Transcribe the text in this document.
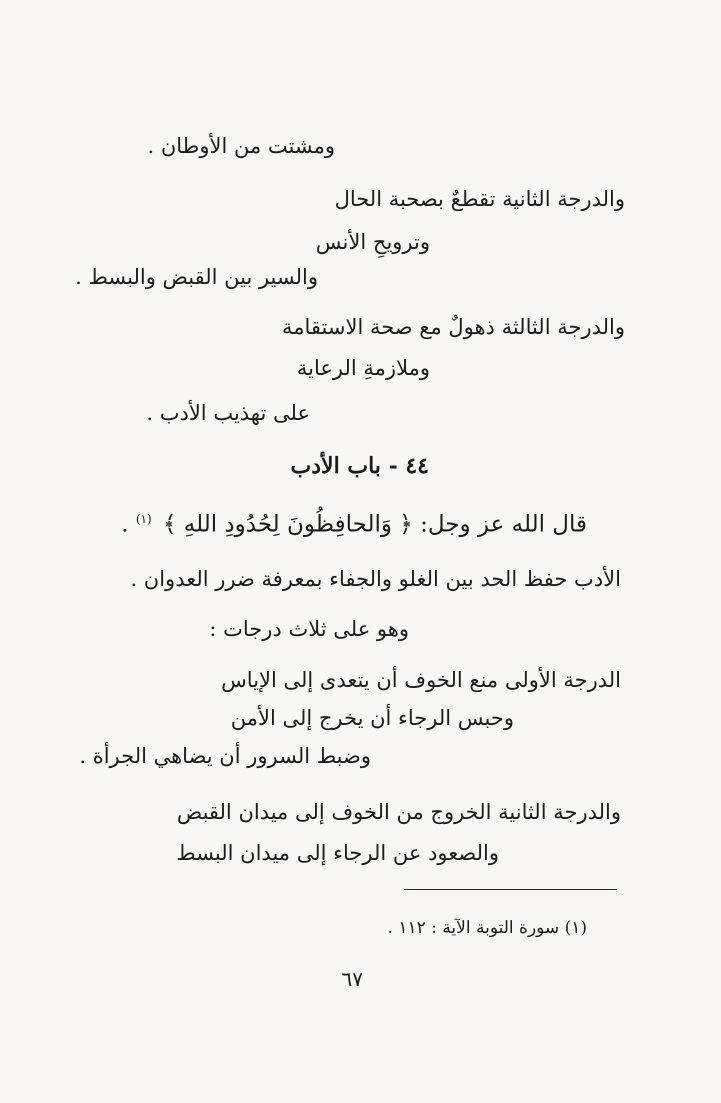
ومشتت من الأوطان .
والدرجة الثانية تقطعٌ بصحبة الحال
وترويحِ الأنس
والسير بين القبض والبسط .
والدرجة الثالثة ذهولٌ مع صحة الاستقامة
وملازمةِ الرعاية
على تهذيب الأدب .
٤٤ - باب الأدب
قال الله عز وجل: ﴿ وَالحافِظُونَ لِحُدُودِ اللهِ ﴾ $^{(١)}$ .
الأدب حفظ الحد بين الغلو والجفاء بمعرفة ضرر العدوان .
وهو على ثلاث درجات :
الدرجة الأولى منع الخوف أن يتعدى إلى الإياس
وحبس الرجاء أن يخرج إلى الأمن
وضبط السرور أن يضاهي الجرأة .
والدرجة الثانية الخروج من الخوف إلى ميدان القبض
والصعود عن الرجاء إلى ميدان البسط
(١) سورة التوبة الآية : ١١٢ .
٦٧
